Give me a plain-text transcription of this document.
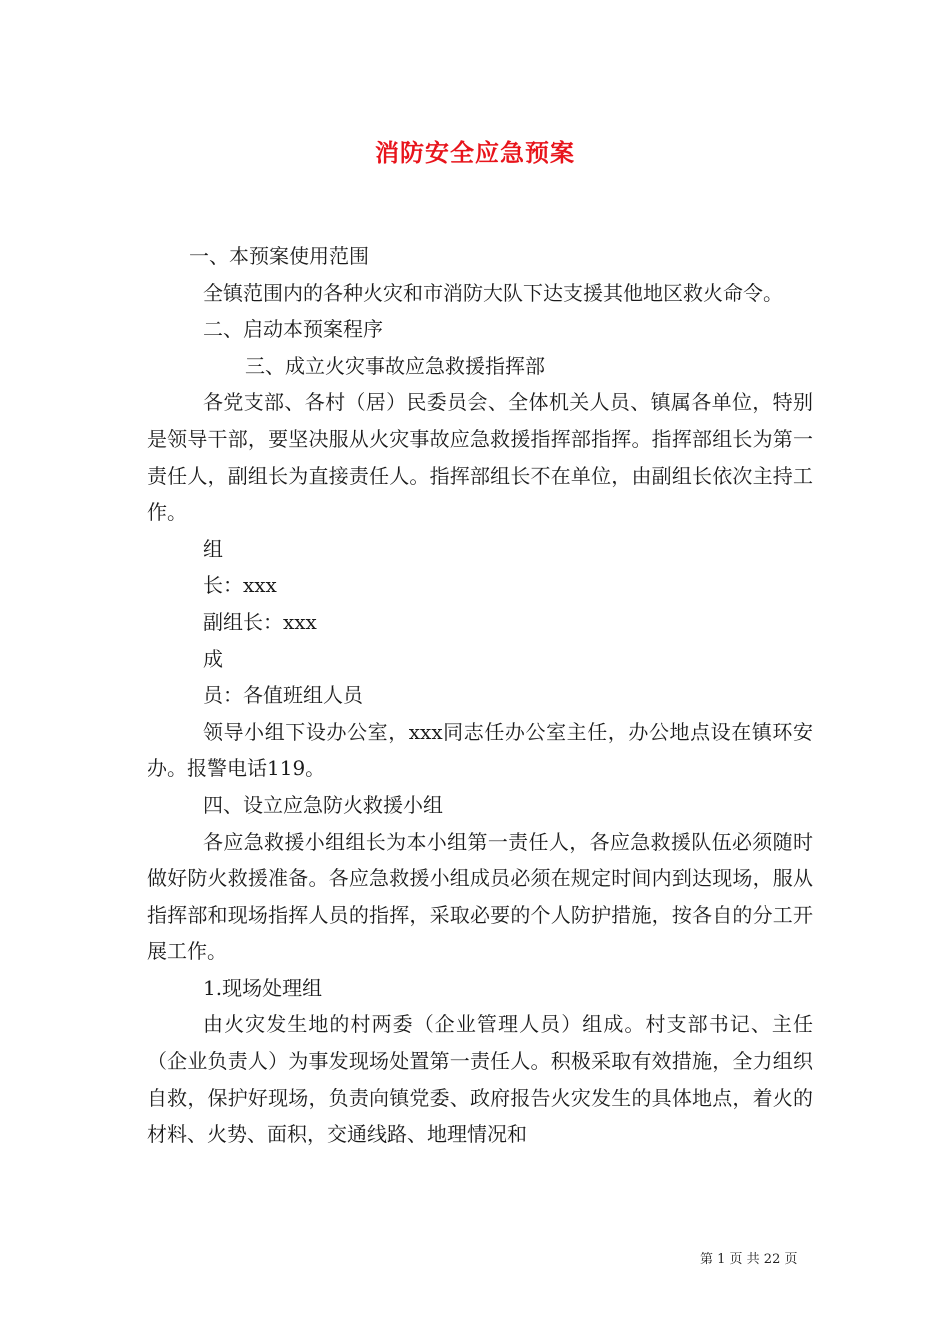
消防安全应急预案

一、本预案使用范围

全镇范围内的各种火灾和市消防大队下达支援其他地区救火命令。

二、启动本预案程序

三、成立火灾事故应急救援指挥部

各党支部、各村（居）民委员会、全体机关人员、镇属各单位，特别是领导干部，要坚决服从火灾事故应急救援指挥部指挥。指挥部组长为第一责任人，副组长为直接责任人。指挥部组长不在单位，由副组长依次主持工作。

组

长：xxx

副组长：xxx

成

员：各值班组人员

领导小组下设办公室，xxx同志任办公室主任，办公地点设在镇环安办。报警电话119。

四、设立应急防火救援小组

各应急救援小组组长为本小组第一责任人，各应急救援队伍必须随时做好防火救援准备。各应急救援小组成员必须在规定时间内到达现场，服从指挥部和现场指挥人员的指挥，采取必要的个人防护措施，按各自的分工开展工作。

1.现场处理组

由火灾发生地的村两委（企业管理人员）组成。村支部书记、主任（企业负责人）为事发现场处置第一责任人。积极采取有效措施，全力组织自救，保护好现场，负责向镇党委、政府报告火灾发生的具体地点，着火的材料、火势、面积，交通线路、地理情况和

第 1 页 共 22 页
